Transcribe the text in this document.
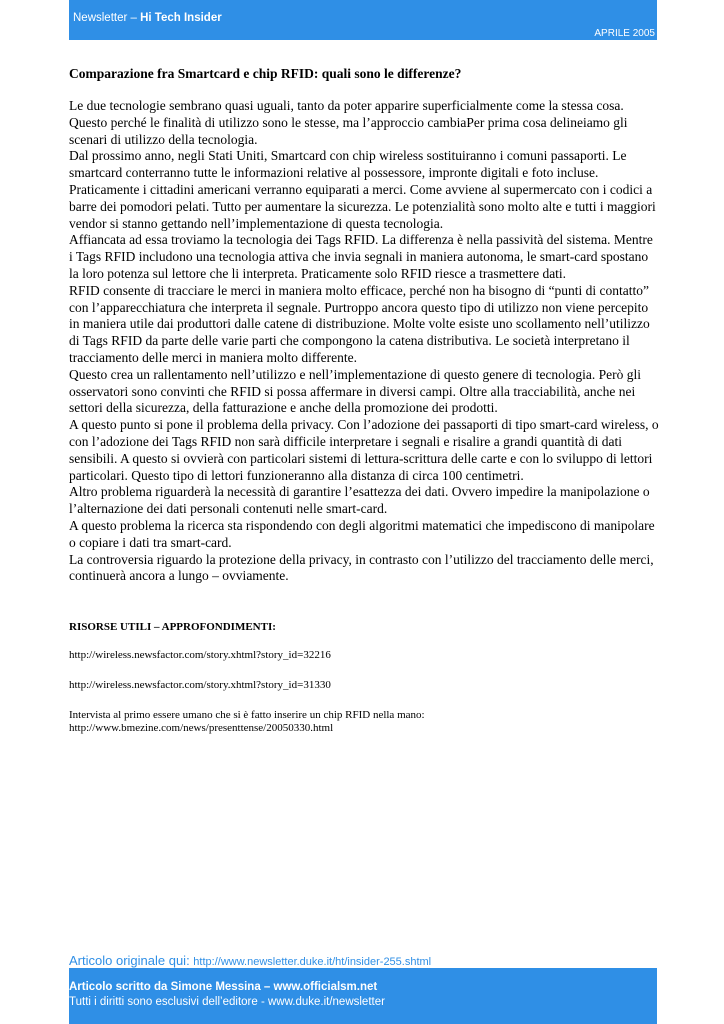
Newsletter – Hi Tech Insider
APRILE 2005
Comparazione fra Smartcard e chip RFID: quali sono le differenze?

Le due tecnologie sembrano quasi uguali, tanto da poter apparire superficialmente come la stessa cosa. Questo perché le finalità di utilizzo sono le stesse, ma l’approccio cambiaPer prima cosa delineiamo gli scenari di utilizzo della tecnologia.

Dal prossimo anno, negli Stati Uniti, Smartcard con chip wireless sostituiranno i comuni passaporti. Le smartcard conterranno tutte le informazioni relative al possessore, impronte digitali e foto incluse.

Praticamente i cittadini americani verranno equiparati a merci. Come avviene al supermercato con i codici a barre dei pomodori pelati. Tutto per aumentare la sicurezza. Le potenzialità sono molto alte e tutti i maggiori vendor si stanno gettando nell’implementazione di questa tecnologia.

Affiancata ad essa troviamo la tecnologia dei Tags RFID. La differenza è nella passività del sistema. Mentre i Tags RFID includono una tecnologia attiva che invia segnali in maniera autonoma, le smart-card spostano la loro potenza sul lettore che li interpreta. Praticamente solo RFID riesce a trasmettere dati.

RFID consente di tracciare le merci in maniera molto efficace, perché non ha bisogno di “punti di contatto” con l’apparecchiatura che interpreta il segnale. Purtroppo ancora questo tipo di utilizzo non viene percepito in maniera utile dai produttori dalle catene di distribuzione. Molte volte esiste uno scollamento nell’utilizzo di Tags RFID da parte delle varie parti che compongono la catena distributiva. Le società interpretano il tracciamento delle merci in maniera molto differente.

Questo crea un rallentamento nell’utilizzo e nell’implementazione di questo genere di tecnologia. Però gli osservatori sono convinti che RFID si possa affermare in diversi campi. Oltre alla tracciabilità, anche nei settori della sicurezza, della fatturazione e anche della promozione dei prodotti.

A questo punto si pone il problema della privacy. Con l’adozione dei passaporti di tipo smart-card wireless, o con l’adozione dei Tags RFID non sarà difficile interpretare i segnali e risalire a grandi quantità di dati sensibili. A questo si ovvierà con particolari sistemi di lettura-scrittura delle carte e con lo sviluppo di lettori particolari. Questo tipo di lettori funzioneranno alla distanza di circa 100 centimetri.

Altro problema riguarderà la necessità di garantire l’esattezza dei dati. Ovvero impedire la manipolazione o l’alternazione dei dati personali contenuti nelle smart-card.

A questo problema la ricerca sta rispondendo con degli algoritmi matematici che impediscono di manipolare o copiare i dati tra smart-card.

La controversia riguardo la protezione della privacy, in contrasto con l’utilizzo del tracciamento delle merci, continuerà ancora a lungo – ovviamente.

RISORSE UTILI – APPROFONDIMENTI:
http://wireless.newsfactor.com/story.xhtml?story_id=32216
http://wireless.newsfactor.com/story.xhtml?story_id=31330
Intervista al primo essere umano che si è fatto inserire un chip RFID nella mano:
http://www.bmezine.com/news/presenttense/20050330.html
Articolo originale qui: http://www.newsletter.duke.it/ht/insider-255.shtml
Articolo scritto da Simone Messina – www.officialsm.net
Tutti i diritti sono esclusivi dell’editore - www.duke.it/newsletter
